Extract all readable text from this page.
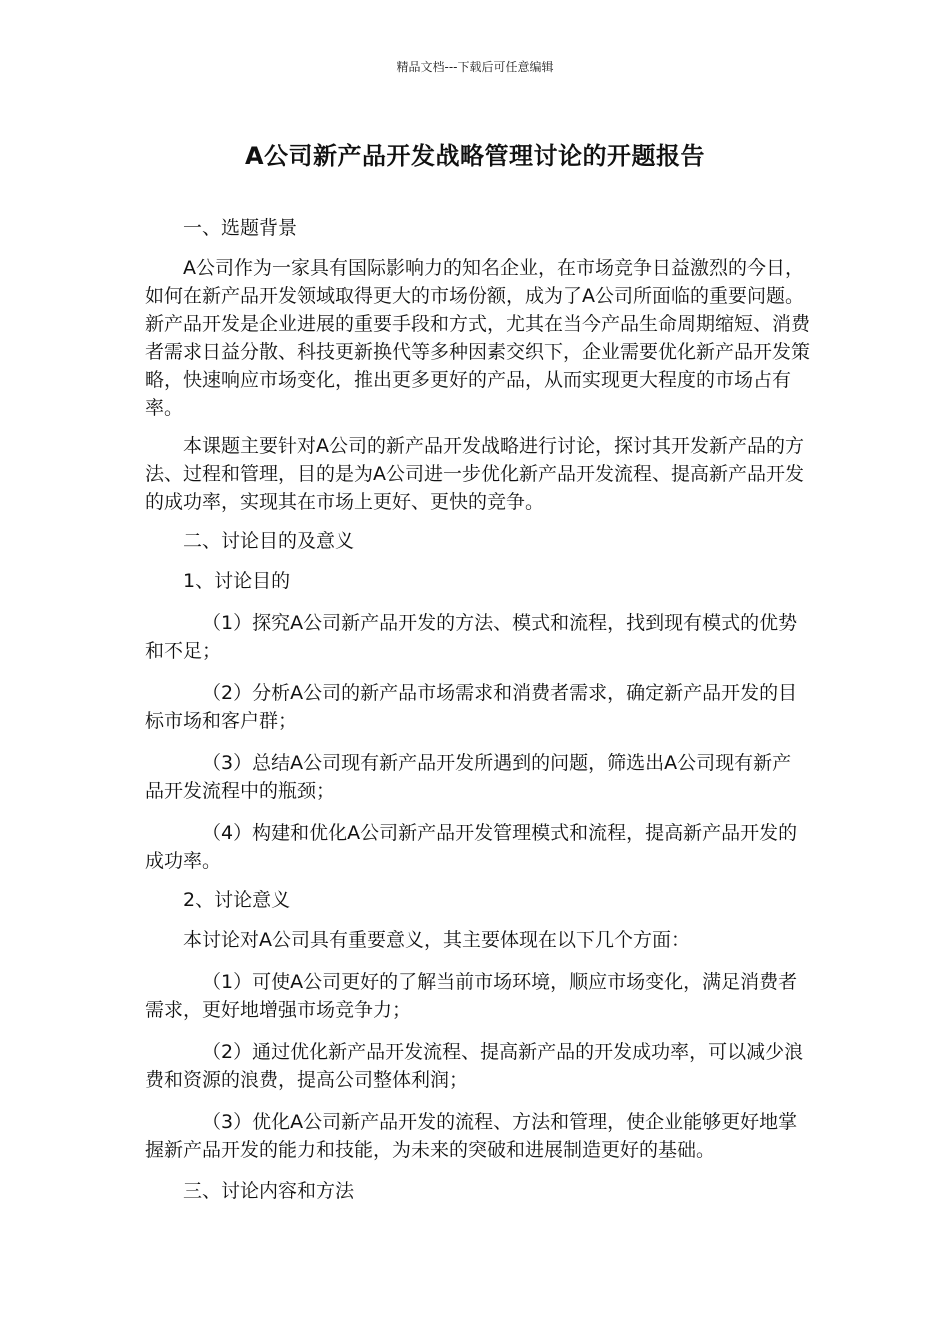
精品文档---下载后可任意编辑
A公司新产品开发战略管理讨论的开题报告

一、选题背景

A公司作为一家具有国际影响力的知名企业，在市场竞争日益激烈的今日，如何在新产品开发领域取得更大的市场份额，成为了A公司所面临的重要问题。新产品开发是企业进展的重要手段和方式，尤其在当今产品生命周期缩短、消费者需求日益分散、科技更新换代等多种因素交织下，企业需要优化新产品开发策略，快速响应市场变化，推出更多更好的产品，从而实现更大程度的市场占有率。

本课题主要针对A公司的新产品开发战略进行讨论，探讨其开发新产品的方法、过程和管理，目的是为A公司进一步优化新产品开发流程、提高新产品开发的成功率，实现其在市场上更好、更快的竞争。

二、讨论目的及意义

1、讨论目的

（1）探究A公司新产品开发的方法、模式和流程，找到现有模式的优势和不足；

（2）分析A公司的新产品市场需求和消费者需求，确定新产品开发的目标市场和客户群；

（3）总结A公司现有新产品开发所遇到的问题，筛选出A公司现有新产品开发流程中的瓶颈；

（4）构建和优化A公司新产品开发管理模式和流程，提高新产品开发的成功率。

2、讨论意义

本讨论对A公司具有重要意义，其主要体现在以下几个方面：

（1）可使A公司更好的了解当前市场环境，顺应市场变化，满足消费者需求，更好地增强市场竞争力；

（2）通过优化新产品开发流程、提高新产品的开发成功率，可以减少浪费和资源的浪费，提高公司整体利润；

（3）优化A公司新产品开发的流程、方法和管理，使企业能够更好地掌握新产品开发的能力和技能，为未来的突破和进展制造更好的基础。

三、讨论内容和方法
